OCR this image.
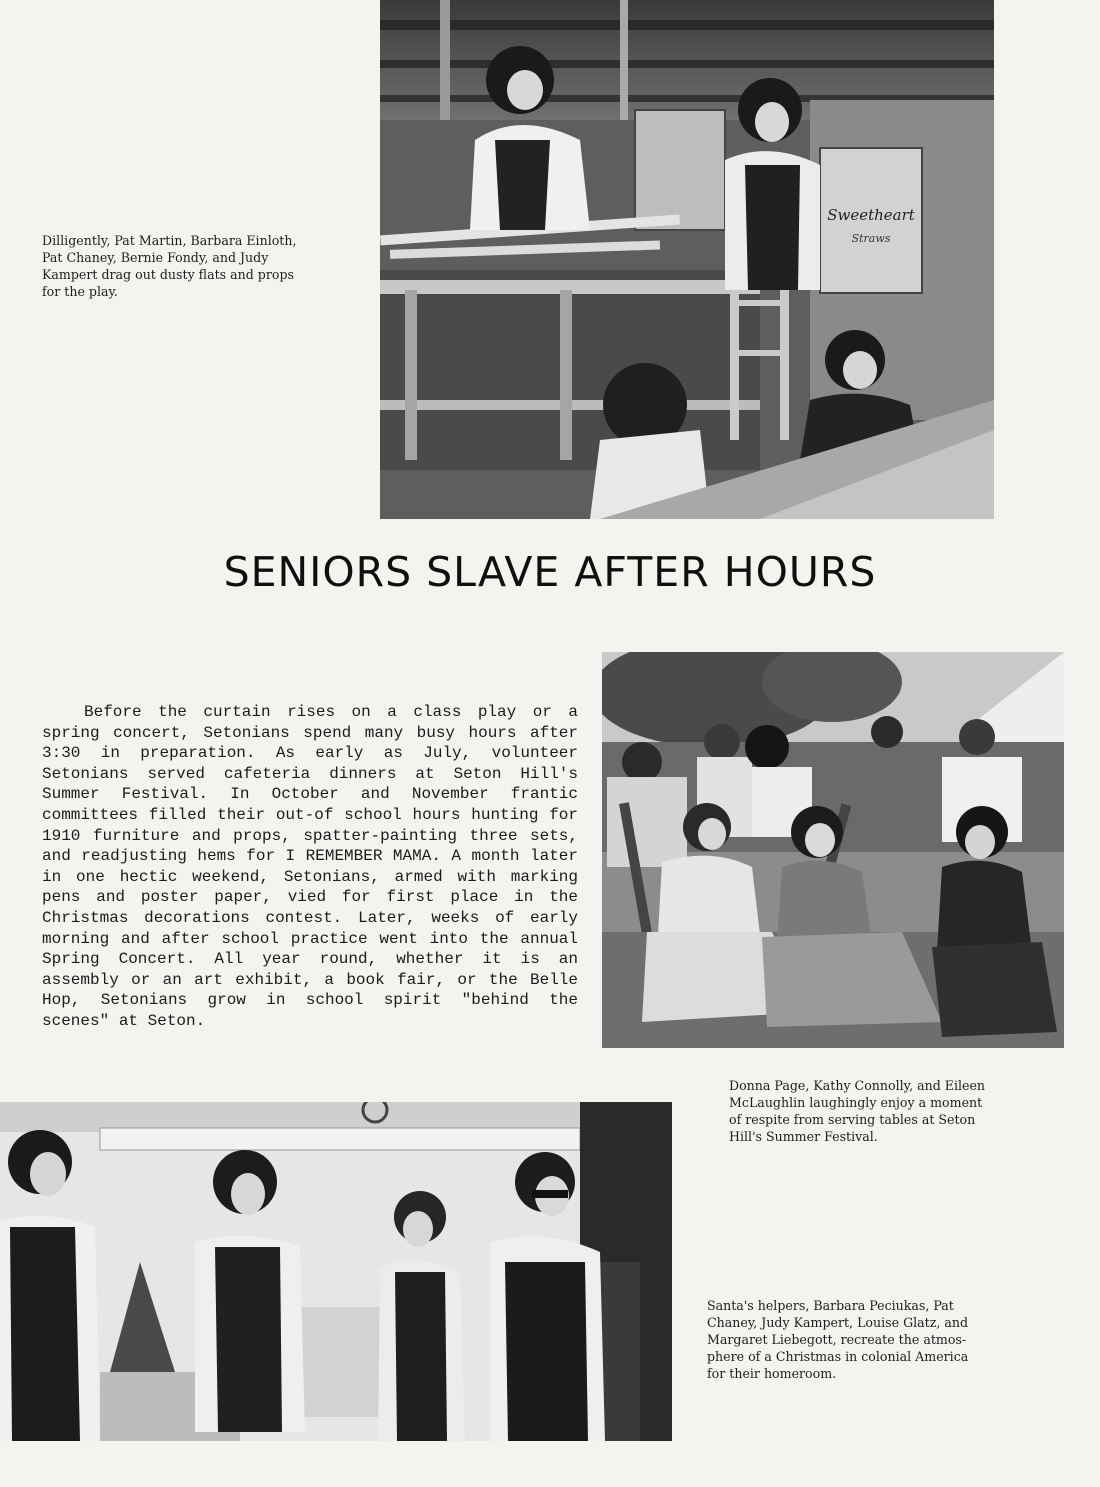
Sweetheart
Straws
Dilligently, Pat Martin, Barbara Einloth,
Pat Chaney, Bernie Fondy, and Judy
Kampert drag out dusty flats and props
for the play.
SENIORS SLAVE AFTER HOURS

Before the curtain rises on a class play or a spring concert, Setonians spend many busy hours after 3:30 in preparation. As early as July, volunteer Setonians served cafeteria dinners at Seton Hill's Summer Festival. In October and November frantic committees filled their out-of school hours hunting for 1910 furniture and props, spatter-painting three sets, and readjusting hems for I REMEMBER MAMA. A month later in one hectic weekend, Setonians, armed with marking pens and poster paper, vied for first place in the Christmas decorations contest. Later, weeks of early morning and after school practice went into the annual Spring Concert. All year round, whether it is an assembly or an art exhibit, a book fair, or the Belle Hop, Setonians grow in school spirit "behind the scenes" at Seton.

Donna Page, Kathy Connolly, and Eileen
McLaughlin laughingly enjoy a moment
of respite from serving tables at Seton
Hill's Summer Festival.
Santa's helpers, Barbara Peciukas, Pat
Chaney, Judy Kampert, Louise Glatz, and
Margaret Liebegott, recreate the atmos-
phere of a Christmas in colonial America
for their homeroom.
